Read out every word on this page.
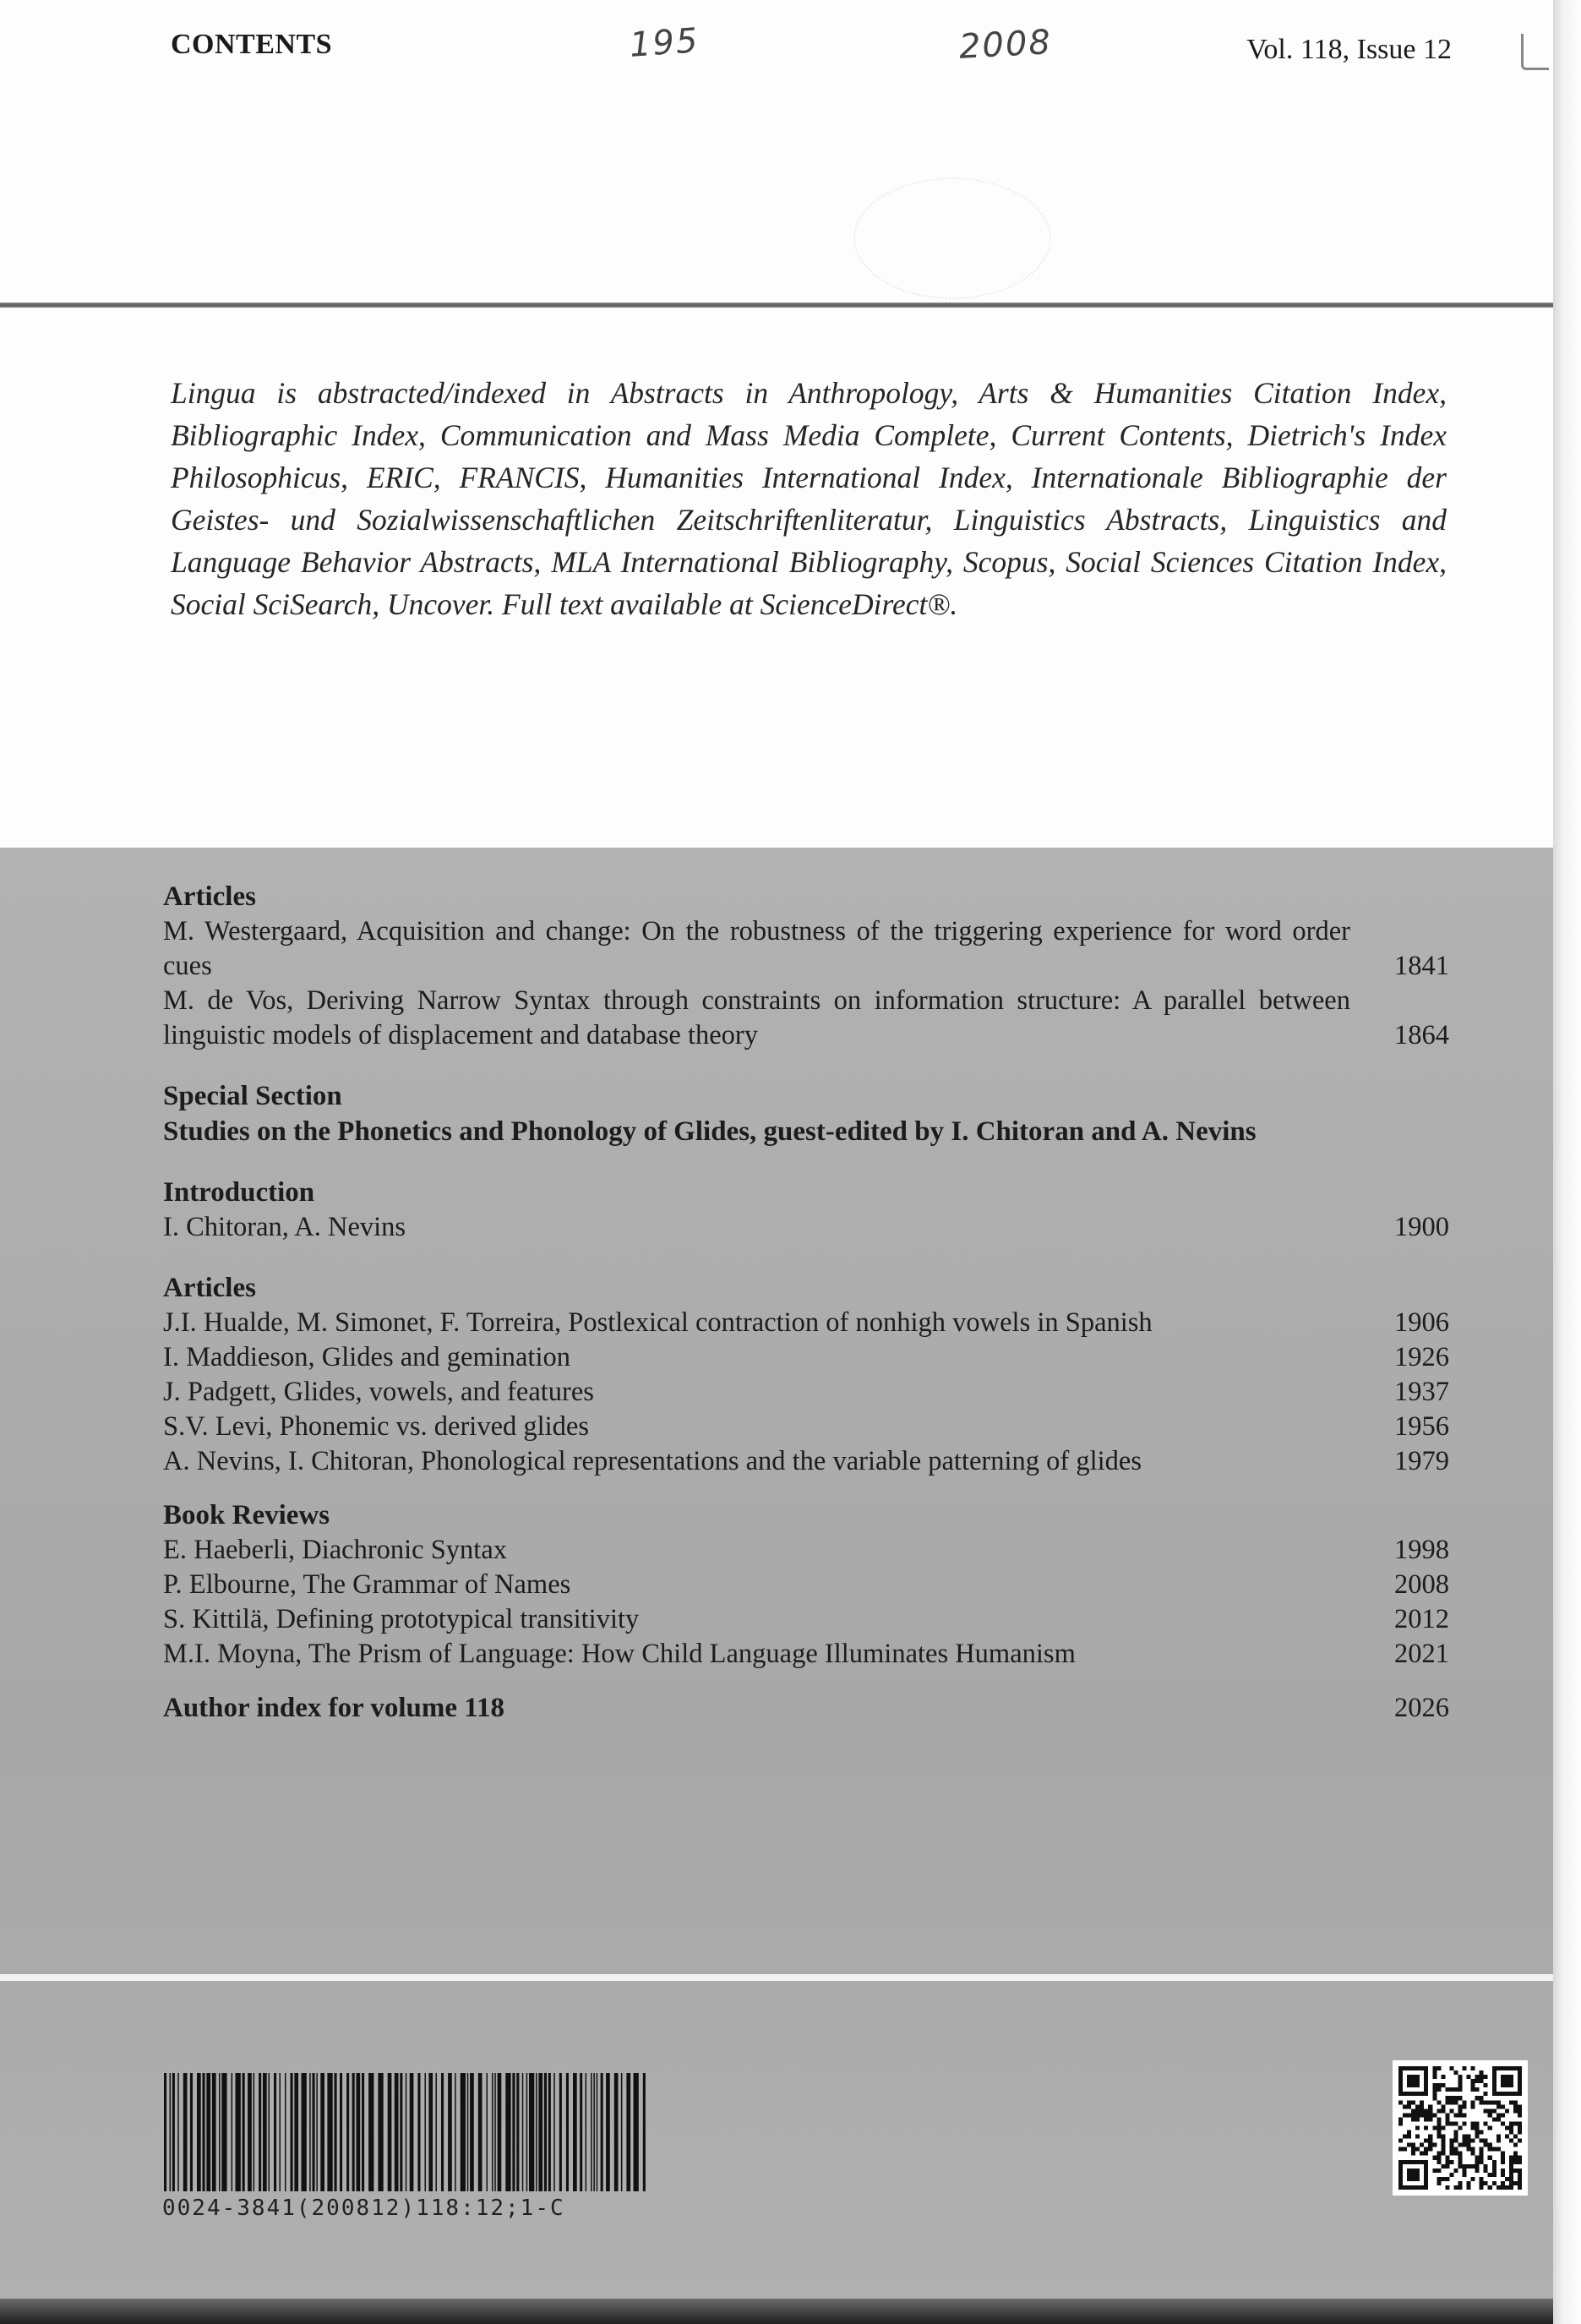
CONTENTS	195	2008	Vol. 118, Issue 12
Lingua is abstracted/indexed in Abstracts in Anthropology, Arts & Humanities Citation Index, Bibliographic Index, Communication and Mass Media Complete, Current Contents, Dietrich's Index Philosophicus, ERIC, FRANCIS, Humanities International Index, Internationale Bibliographie der Geistes- und Sozialwissenschaftlichen Zeitschriftenliteratur, Linguistics Abstracts, Linguistics and Language Behavior Abstracts, MLA International Bibliography, Scopus, Social Sciences Citation Index, Social SciSearch, Uncover. Full text available at ScienceDirect®.
Articles
M. Westergaard, Acquisition and change: On the robustness of the triggering experience for word order cues	1841
M. de Vos, Deriving Narrow Syntax through constraints on information structure: A parallel between linguistic models of displacement and database theory	1864
Special Section
Studies on the Phonetics and Phonology of Glides, guest-edited by I. Chitoran and A. Nevins
Introduction
I. Chitoran, A. Nevins	1900
Articles
J.I. Hualde, M. Simonet, F. Torreira, Postlexical contraction of nonhigh vowels in Spanish	1906
I. Maddieson, Glides and gemination	1926
J. Padgett, Glides, vowels, and features	1937
S.V. Levi, Phonemic vs. derived glides	1956
A. Nevins, I. Chitoran, Phonological representations and the variable patterning of glides	1979
Book Reviews
E. Haeberli, Diachronic Syntax	1998
P. Elbourne, The Grammar of Names	2008
S. Kittilä, Defining prototypical transitivity	2012
M.I. Moyna, The Prism of Language: How Child Language Illuminates Humanism	2021
Author index for volume 118	2026
0024-3841(200812)118:12;1-C
